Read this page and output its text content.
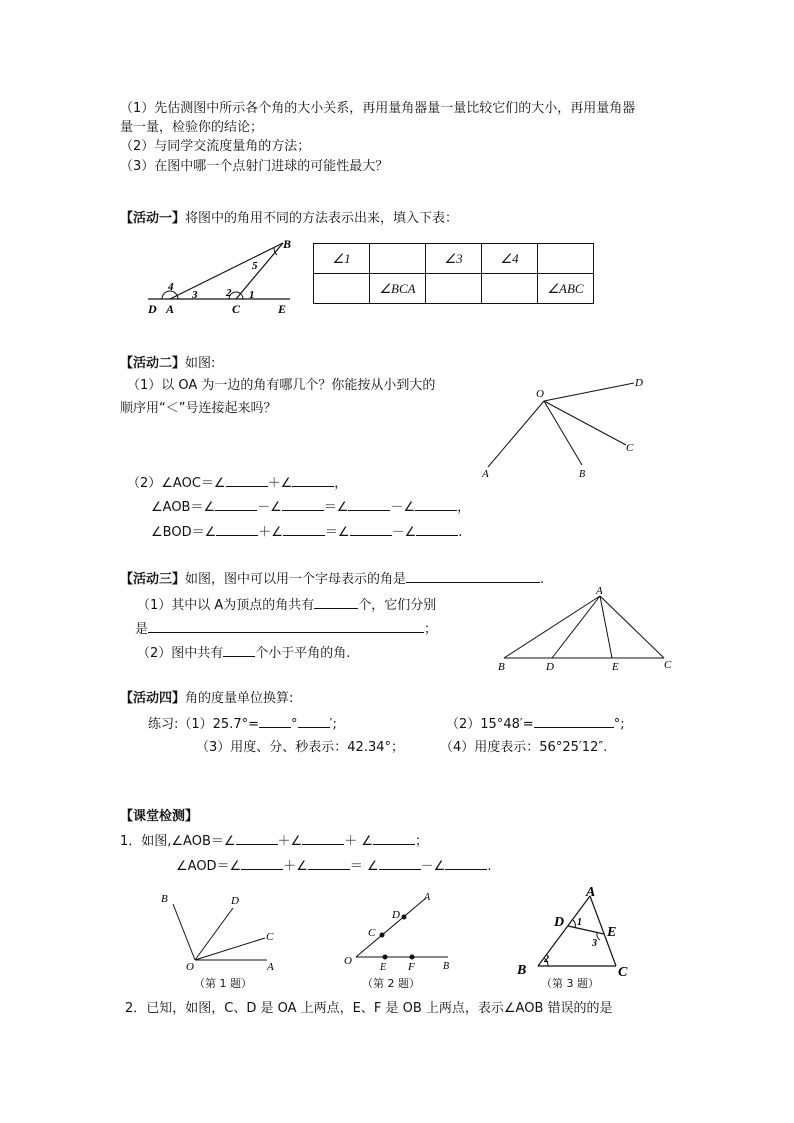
（1）先估测图中所示各个角的大小关系，再用量角器量一量比较它们的大小，再用量角器
量一量，检验你的结论；
（2）与同学交流度量角的方法；
（3）在图中哪一个点射门进球的可能性最大？
【活动一】将图中的角用不同的方法表示出来，填入下表：
B
D A	C	E
4
3	2 1
5
∠1		∠3	∠4	
	∠BCA			∠ABC
【活动二】如图:
（1）以 OA 为一边的角有哪几个？你能按从小到大的
顺序用“＜”号连接起来吗？
O
D
C
B
A
（2）∠AOC＝∠	＋∠	，
∠AOB＝∠	－∠	＝∠	－∠	，
∠BOD＝∠	＋∠	＝∠	－∠	.
【活动三】如图，图中可以用一个字母表示的角是	.
（1）其中以 A为顶点的角共有	个，它们分别
是	；
（2）图中共有 个小于平角的角.
A
B	D	E	C
【活动四】角的度量单位换算:
练习:（1）25.7°= ° ′;	（2）15°48′=	°;
（3）用度、分、秒表示：42.34°；	（4）用度表示：56°25′12″.
【课堂检测】
1．如图,∠AOB＝∠	＋∠	＋ ∠	；
∠AOD＝∠	＋∠	＝ ∠	－∠	.
B	D
C
O	A
A
D
C
O
E F	B
A
D
E
B	C
1
2
3
（第 1 题）	（第 2 题）	（第 3 题）
2．已知，如图，C、D 是 OA 上两点，E、F 是 OB 上两点，表示∠AOB 错误的的是
